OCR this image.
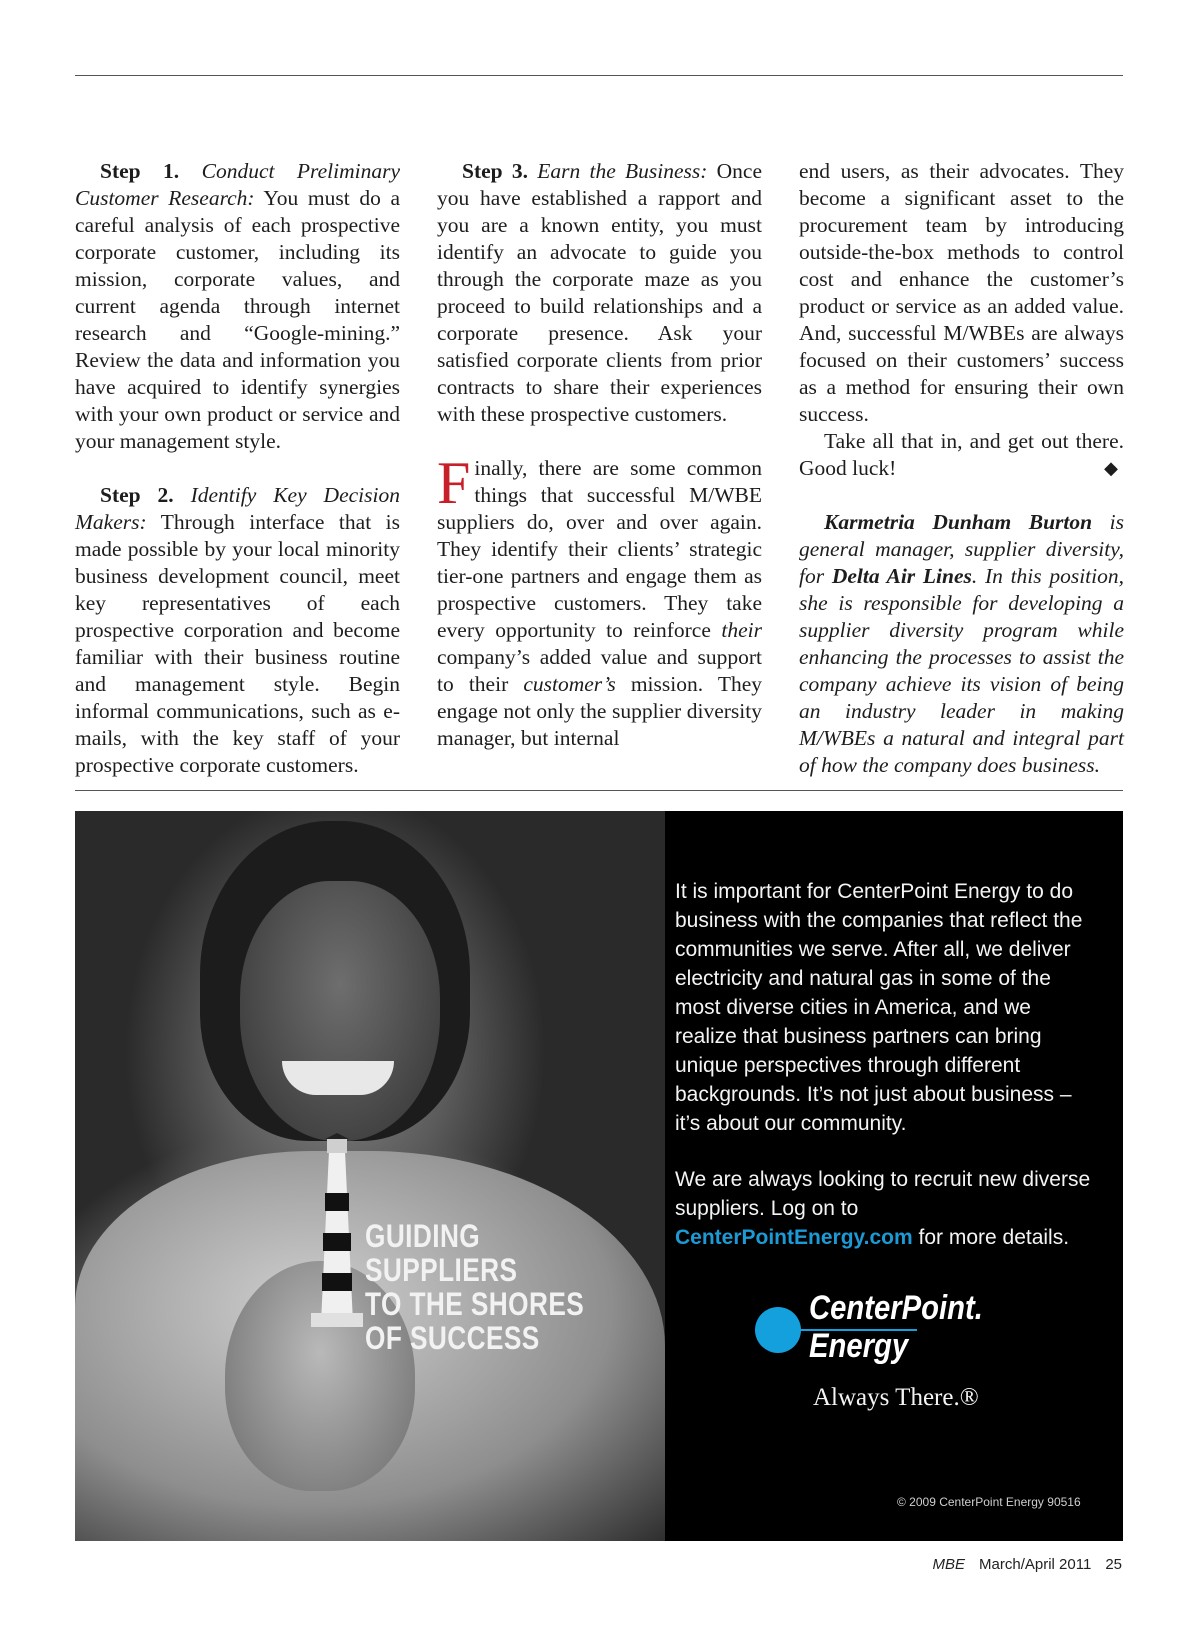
Step 1. Conduct Preliminary Customer Research: You must do a careful analysis of each prospective corporate customer, including its mission, corporate values, and current agenda through internet research and “Google-mining.” Review the data and information you have acquired to identify synergies with your own product or service and your management style.

Step 2. Identify Key Decision Makers: Through interface that is made possible by your local minority business development council, meet key representatives of each prospective corporation and become familiar with their business routine and management style. Begin informal communications, such as e-mails, with the key staff of your prospective corporate customers.

Step 3. Earn the Business: Once you have established a rapport and you are a known entity, you must identify an advocate to guide you through the corporate maze as you proceed to build relationships and a corporate presence. Ask your satisfied corporate clients from prior contracts to share their experiences with these prospective customers.

Finally, there are some common things that successful M/WBE suppliers do, over and over again. They identify their clients’ strategic tier-one partners and engage them as prospective customers. They take every opportunity to reinforce their company’s added value and support to their customer’s mission. They engage not only the supplier diversity manager, but internal

end users, as their advocates. They become a significant asset to the procurement team by introducing outside-the-box methods to control cost and enhance the customer’s product or service as an added value. And, successful M/WBEs are always focused on their customers’ success as a method for ensuring their own success.

Take all that in, and get out there. Good luck!	◆

Karmetria Dunham Burton is general manager, supplier diversity, for Delta Air Lines. In this position, she is responsible for developing a supplier diversity program while enhancing the processes to assist the company achieve its vision of being an industry leader in making M/WBEs a natural and integral part of how the company does business.

GUIDING
SUPPLIERS
TO THE SHORES
OF SUCCESS

It is important for CenterPoint Energy to do business with the companies that reflect the communities we serve. After all, we deliver electricity and natural gas in some of the most diverse cities in America, and we realize that business partners can bring unique perspectives through different backgrounds. It’s not just about business – it’s about our community.

We are always looking to recruit new diverse suppliers. Log on to CenterPointEnergy.com for more details.

CenterPoint.
Energy
Always There.®
© 2009 CenterPoint Energy 90516
MBE March/April 2011 25
